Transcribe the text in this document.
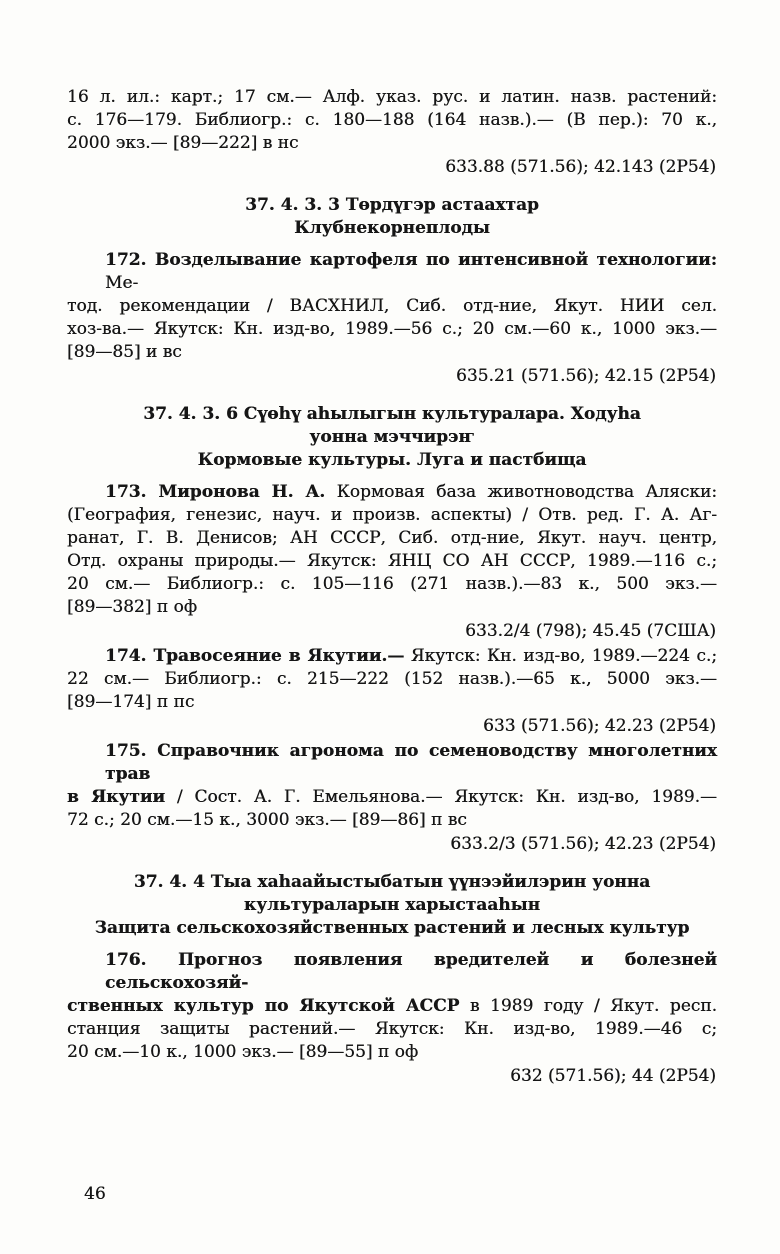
16 л. ил.: карт.; 17 см.— Алф. указ. рус. и латин. назв. растений:
с. 176—179. Библиогр.: с. 180—188 (164 назв.).— (В пер.): 70 к.,
2000 экз.— [89—222] в нс
633.88 (571.56); 42.143 (2Р54)
37. 4. 3. 3 Төрдүгэр астаахтар
Клубнекорнеплоды
172. Возделывание картофеля по интенсивной технологии: Ме-
тод. рекомендации / ВАСХНИЛ, Сиб. отд-ние, Якут. НИИ сел.
хоз-ва.— Якутск: Кн. изд-во, 1989.—56 с.; 20 см.—60 к., 1000 экз.—
[89—85] и вс
635.21 (571.56); 42.15 (2Р54)
37. 4. 3. 6 Сүөһү аһылыгын культуралара. Ходуһа
уонна мэччирэҥ
Кормовые культуры. Луга и пастбища
173. Миронова Н. А. Кормовая база животноводства Аляски:
(География, генезис, науч. и произв. аспекты) / Отв. ред. Г. А. Аг-
ранат, Г. В. Денисов; АН СССР, Сиб. отд-ние, Якут. науч. центр,
Отд. охраны природы.— Якутск: ЯНЦ СО АН СССР, 1989.—116 с.;
20 см.— Библиогр.: с. 105—116 (271 назв.).—83 к., 500 экз.—
[89—382] п оф
633.2/4 (798); 45.45 (7США)
174. Травосеяние в Якутии.— Якутск: Кн. изд-во, 1989.—224 с.;
22 см.— Библиогр.: с. 215—222 (152 назв.).—65 к., 5000 экз.—
[89—174] п пс
633 (571.56); 42.23 (2Р54)
175. Справочник агронома по семеноводству многолетних трав
в Якутии / Сост. А. Г. Емельянова.— Якутск: Кн. изд-во, 1989.—
72 с.; 20 см.—15 к., 3000 экз.— [89—86] п вс
633.2/3 (571.56); 42.23 (2Р54)
37. 4. 4 Тыа хаһаайыстыбатын үүнээйилэрин уонна
культураларын харыстааһын
Защита сельскохозяйственных растений и лесных культур
176. Прогноз появления вредителей и болезней сельскохозяй-
ственных культур по Якутской АССР в 1989 году / Якут. респ.
станция защиты растений.— Якутск: Кн. изд-во, 1989.—46 с;
20 см.—10 к., 1000 экз.— [89—55] п оф
632 (571.56); 44 (2Р54)
46
